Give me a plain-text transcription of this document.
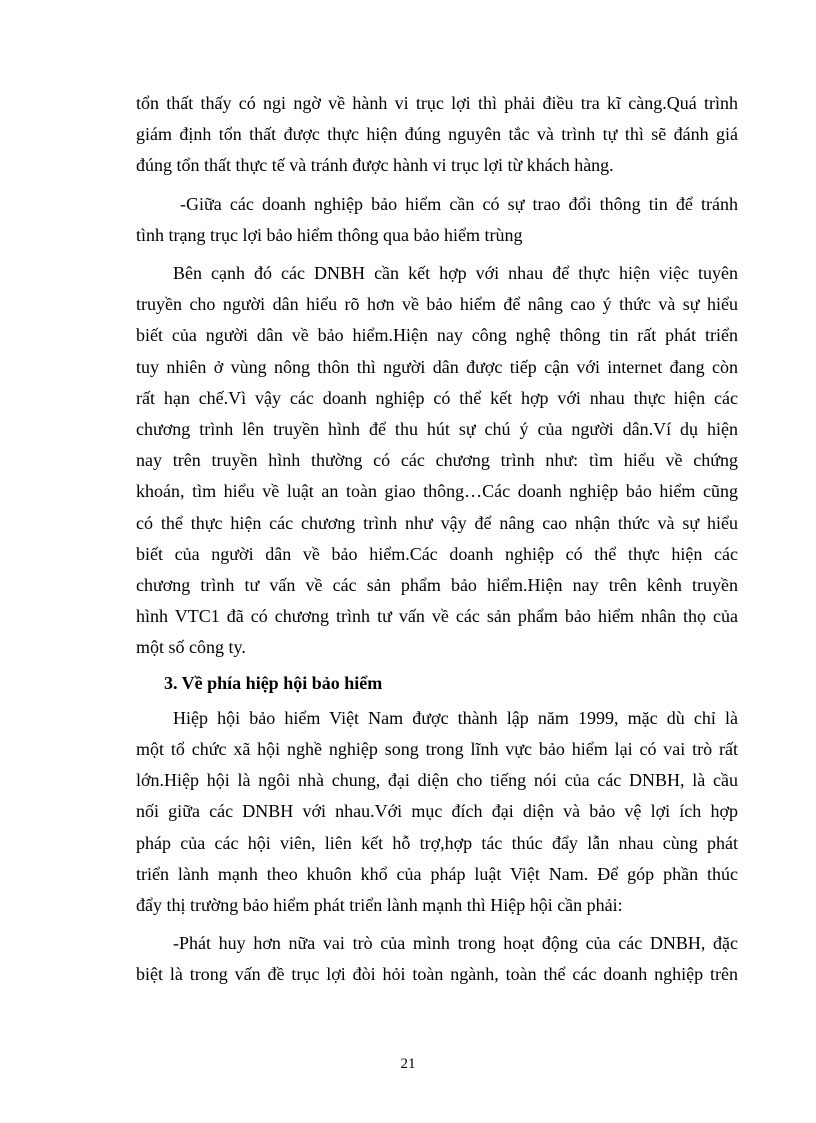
tổn thất thấy có ngi ngờ về hành vi trục lợi thì phải điều tra kĩ càng.Quá trình
giám định tổn thất được thực hiện đúng nguyên tắc và trình tự thì sẽ đánh giá
đúng tổn thất thực tế và tránh được hành vi trục lợi từ khách hàng.
-Giữa các doanh nghiệp bảo hiểm cần có sự trao đổi thông tin để tránh
tình trạng trục lợi bảo hiểm thông qua bảo hiểm trùng
Bên cạnh đó các DNBH cần kết hợp với nhau để thực hiện việc tuyên
truyền cho người dân hiểu rõ hơn về bảo hiểm để nâng cao ý thức và sự hiểu
biết của người dân về bảo hiểm.Hiện nay công nghệ thông tin rất phát triển
tuy nhiên ở vùng nông thôn thì người dân được tiếp cận với internet đang còn
rất hạn chế.Vì vậy các doanh nghiệp có thể kết hợp với nhau thực hiện các
chương trình lên truyền hình để thu hút sự chú ý của người dân.Ví dụ hiện
nay trên truyền hình thường có các chương trình như: tìm hiểu về chứng
khoán, tìm hiểu về luật an toàn giao thông…Các doanh nghiệp bảo hiểm cũng
có thể thực hiện các chương trình như vậy để nâng cao nhận thức và sự hiểu
biết của người dân về bảo hiểm.Các doanh nghiệp có thể thực hiện các
chương trình tư vấn về các sản phẩm bảo hiểm.Hiện nay trên kênh truyền
hình VTC1 đã có chương trình tư vấn về các sản phẩm bảo hiểm nhân thọ của
một số công ty.
3. Về phía hiệp hội bảo hiểm
Hiệp hội bảo hiểm Việt Nam được thành lập năm 1999, mặc dù chỉ là
một tổ chức xã hội nghề nghiệp song trong lĩnh vực bảo hiểm lại có vai trò rất
lớn.Hiệp hội là ngôi nhà chung, đại diện cho tiếng nói của các DNBH, là cầu
nối giữa các DNBH với nhau.Với mục đích đại diện và bảo vệ lợi ích hợp
pháp của các hội viên, liên kết hỗ trợ,hợp tác thúc đẩy lẫn nhau cùng phát
triển lành mạnh theo khuôn khổ của pháp luật Việt Nam. Để góp phần thúc
đẩy thị trường bảo hiểm phát triển lành mạnh thì Hiệp hội cần phải:
-Phát huy hơn nữa vai trò của mình trong hoạt động của các DNBH, đặc
biệt là trong vấn đề trục lợi đòi hỏi toàn ngành, toàn thể các doanh nghiệp trên
21
